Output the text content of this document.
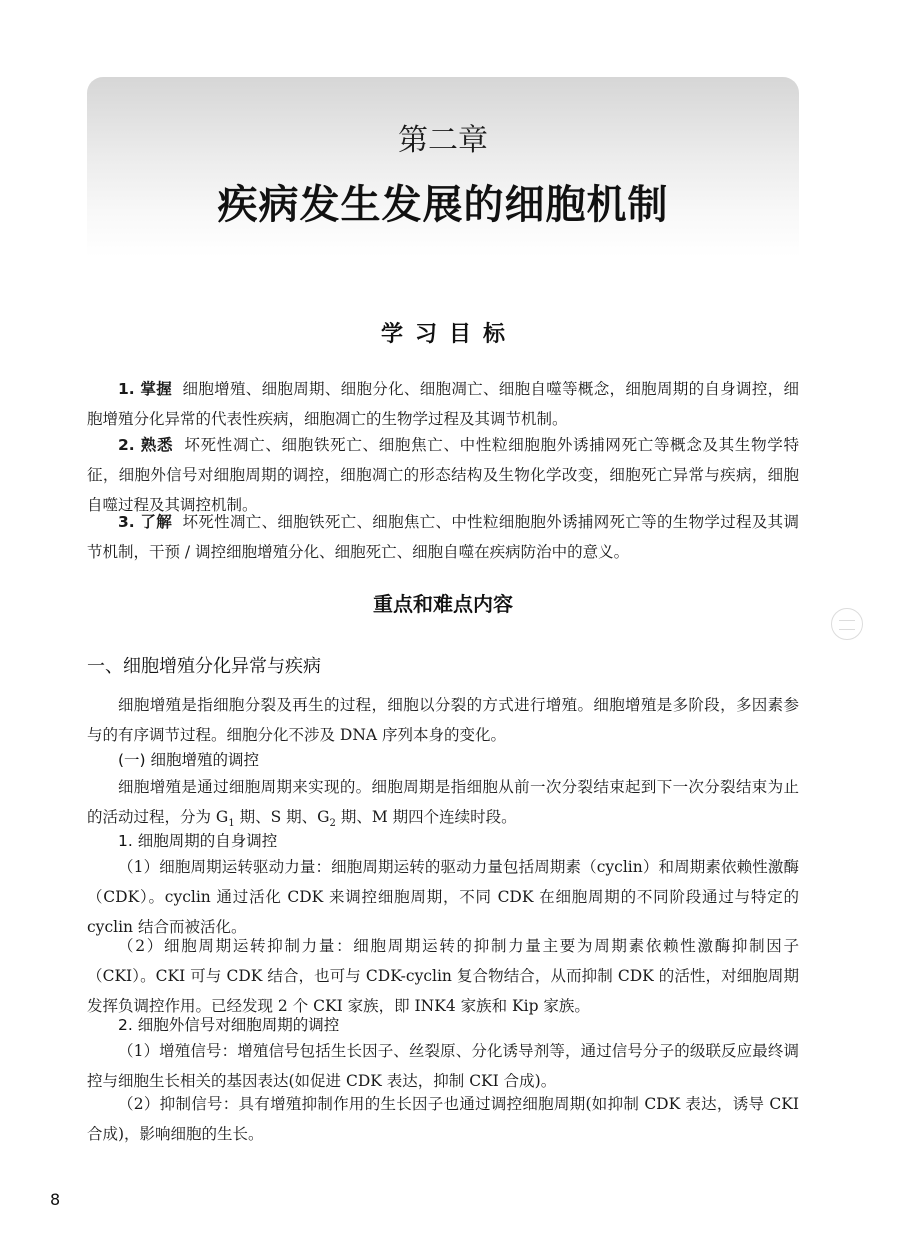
第二章
疾病发生发展的细胞机制
学习目标

1. 掌握 细胞增殖、细胞周期、细胞分化、细胞凋亡、细胞自噬等概念，细胞周期的自身调控，细胞增殖分化异常的代表性疾病，细胞凋亡的生物学过程及其调节机制。

2. 熟悉 坏死性凋亡、细胞铁死亡、细胞焦亡、中性粒细胞胞外诱捕网死亡等概念及其生物学特征，细胞外信号对细胞周期的调控，细胞凋亡的形态结构及生物化学改变，细胞死亡异常与疾病，细胞自噬过程及其调控机制。

3. 了解 坏死性凋亡、细胞铁死亡、细胞焦亡、中性粒细胞胞外诱捕网死亡等的生物学过程及其调节机制，干预 / 调控细胞增殖分化、细胞死亡、细胞自噬在疾病防治中的意义。

重点和难点内容

一、细胞增殖分化异常与疾病

细胞增殖是指细胞分裂及再生的过程，细胞以分裂的方式进行增殖。细胞增殖是多阶段，多因素参与的有序调节过程。细胞分化不涉及 DNA 序列本身的变化。

(一) 细胞增殖的调控

细胞增殖是通过细胞周期来实现的。细胞周期是指细胞从前一次分裂结束起到下一次分裂结束为止的活动过程，分为 $G_1$ 期、S 期、$G_2$ 期、M 期四个连续时段。

1. 细胞周期的自身调控

（1）细胞周期运转驱动力量：细胞周期运转的驱动力量包括周期素（cyclin）和周期素依赖性激酶（CDK）。cyclin 通过活化 CDK 来调控细胞周期，不同 CDK 在细胞周期的不同阶段通过与特定的 cyclin 结合而被活化。

（2）细胞周期运转抑制力量：细胞周期运转的抑制力量主要为周期素依赖性激酶抑制因子（CKI）。CKI 可与 CDK 结合，也可与 CDK-cyclin 复合物结合，从而抑制 CDK 的活性，对细胞周期发挥负调控作用。已经发现 2 个 CKI 家族，即 INK4 家族和 Kip 家族。

2. 细胞外信号对细胞周期的调控

（1）增殖信号：增殖信号包括生长因子、丝裂原、分化诱导剂等，通过信号分子的级联反应最终调控与细胞生长相关的基因表达(如促进 CDK 表达，抑制 CKI 合成)。

（2）抑制信号：具有增殖抑制作用的生长因子也通过调控细胞周期(如抑制 CDK 表达，诱导 CKI 合成)，影响细胞的生长。

8
